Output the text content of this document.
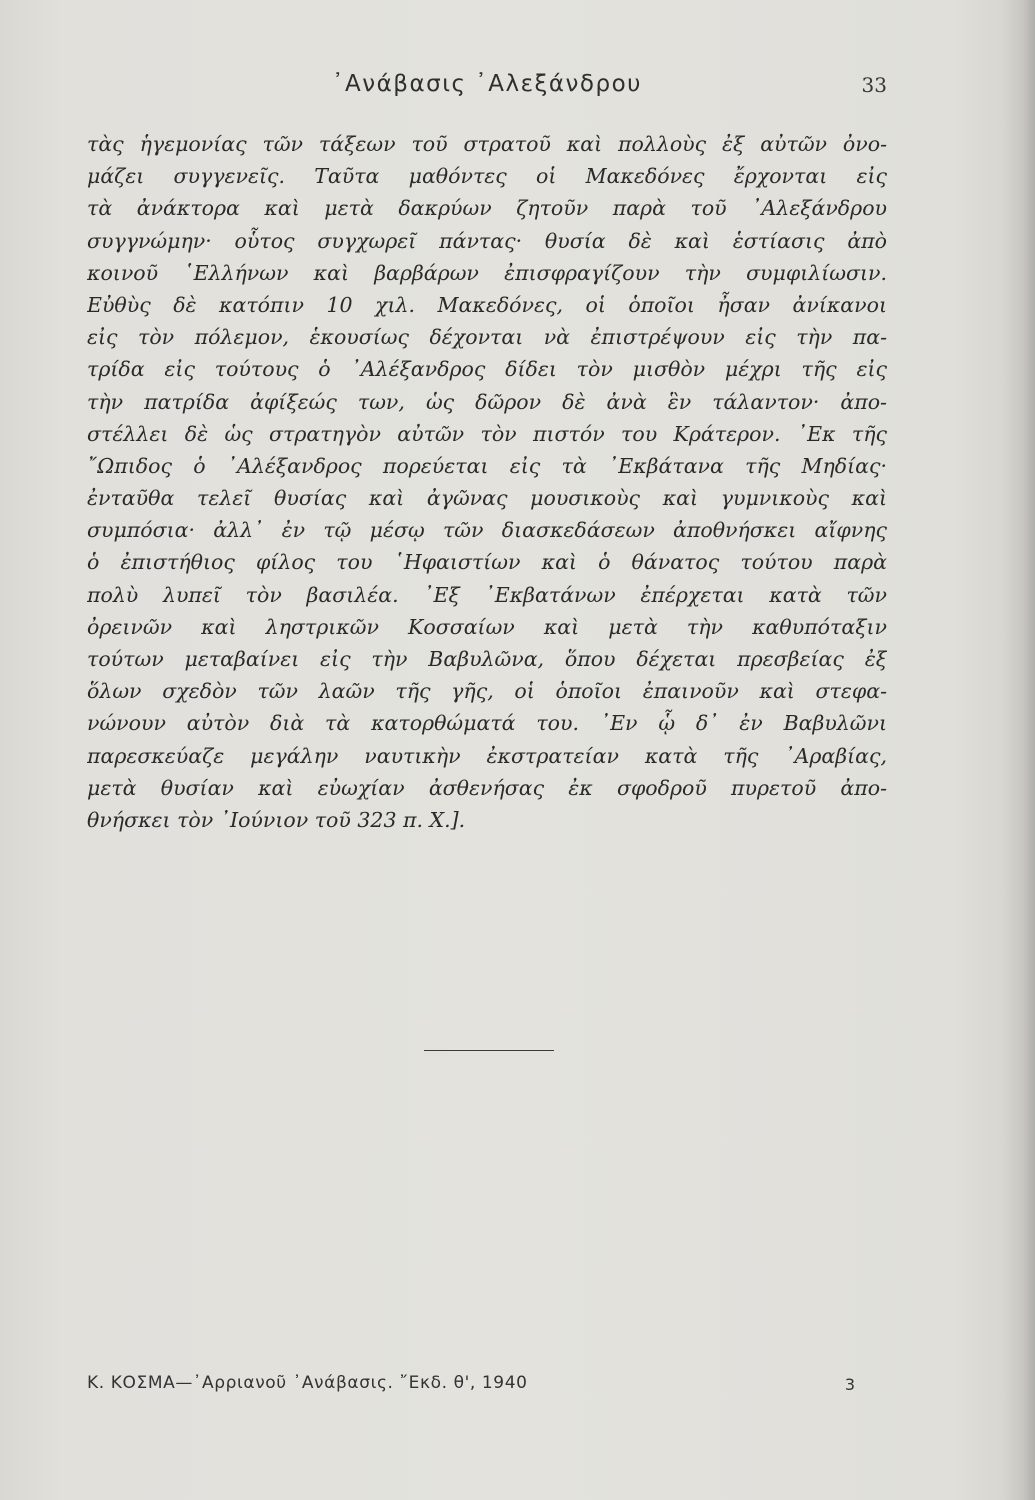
᾿Ανάβασις ᾿Αλεξάνδρου	33
τὰς ἡγεμονίας τῶν τάξεων τοῦ στρατοῦ καὶ πολλοὺς ἐξ αὐτῶν ὀνο-
μάζει συγγενεῖς. Ταῦτα μαθόντες οἱ Μακεδόνες ἔρχονται εἰς
τὰ ἀνάκτορα καὶ μετὰ δακρύων ζητοῦν παρὰ τοῦ ᾿Αλεξάνδρου
συγγνώμην· οὗτος συγχωρεῖ πάντας· θυσία δὲ καὶ ἑστίασις ἀπὸ
κοινοῦ ῾Ελλήνων καὶ βαρβάρων ἐπισφραγίζουν τὴν συμφιλίωσιν.
Εὐθὺς δὲ κατόπιν 10 χιλ. Μακεδόνες, οἱ ὁποῖοι ἦσαν ἀνίκανοι
εἰς τὸν πόλεμον, ἑκουσίως δέχονται νὰ ἐπιστρέψουν εἰς τὴν πα-
τρίδα εἰς τούτους ὁ ᾿Αλέξανδρος δίδει τὸν μισθὸν μέχρι τῆς εἰς
τὴν πατρίδα ἀφίξεώς των, ὡς δῶρον δὲ ἀνὰ ἓν τάλαντον· ἀπο-
στέλλει δὲ ὡς στρατηγὸν αὐτῶν τὸν πιστόν του Κράτερον. ᾿Εκ τῆς
῎Ωπιδος ὁ ᾿Αλέξανδρος πορεύεται εἰς τὰ ᾿Εκβάτανα τῆς Μηδίας·
ἐνταῦθα τελεῖ θυσίας καὶ ἀγῶνας μουσικοὺς καὶ γυμνικοὺς καὶ
συμπόσια· ἀλλ᾿ ἐν τῷ μέσῳ τῶν διασκεδάσεων ἀποθνήσκει αἴφνης
ὁ ἐπιστήθιος φίλος του ῾Ηφαιστίων καὶ ὁ θάνατος τούτου παρὰ
πολὺ λυπεῖ τὸν βασιλέα. ᾿Εξ ᾿Εκβατάνων ἐπέρχεται κατὰ τῶν
ὀρεινῶν καὶ ληστρικῶν Κοσσαίων καὶ μετὰ τὴν καθυπόταξιν
τούτων μεταβαίνει εἰς τὴν Βαβυλῶνα, ὅπου δέχεται πρεσβείας ἐξ
ὅλων σχεδὸν τῶν λαῶν τῆς γῆς, οἱ ὁποῖοι ἐπαινοῦν καὶ στεφα-
νώνουν αὐτὸν διὰ τὰ κατορθώματά του. ᾿Εν ᾧ δ᾿ ἐν Βαβυλῶνι
παρεσκεύαζε μεγάλην ναυτικὴν ἐκστρατείαν κατὰ τῆς ᾿Αραβίας,
μετὰ θυσίαν καὶ εὐωχίαν ἀσθενήσας ἐκ σφοδροῦ πυρετοῦ ἀπο-
θνήσκει τὸν ᾿Ιούνιον τοῦ 323 π. Χ.].
Κ. ΚΟΣΜΑ—᾿Αρριανοῦ ᾿Ανάβασις. ῎Εκδ. θ', 1940	3
